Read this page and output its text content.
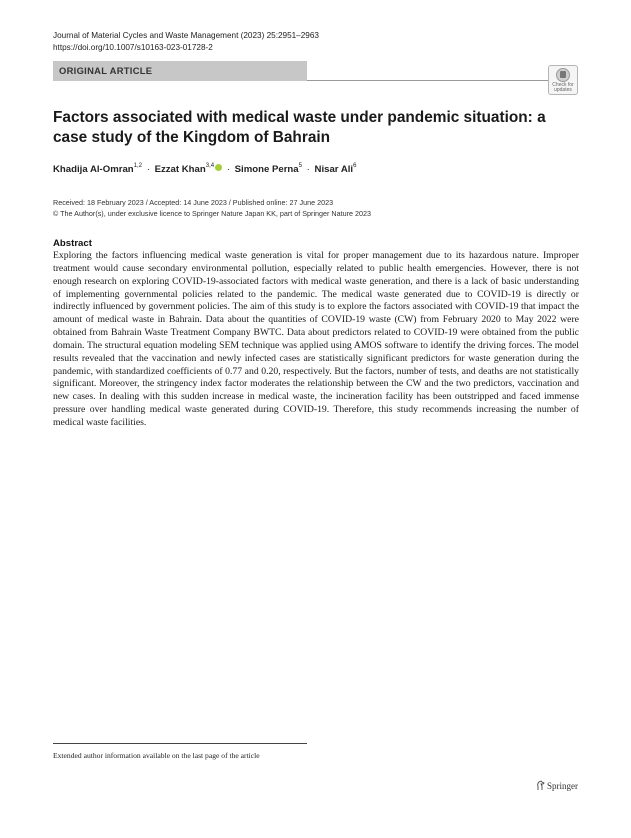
Journal of Material Cycles and Waste Management (2023) 25:2951–2963
https://doi.org/10.1007/s10163-023-01728-2
ORIGINAL ARTICLE
Check for
updates
Factors associated with medical waste under pandemic situation: a case study of the Kingdom of Bahrain
Khadija Al-Omran$^{1,2}$ · Ezzat Khan$^{3,4}$ · Simone Perna$^5$ · Nisar Ali$^6$
Received: 18 February 2023 / Accepted: 14 June 2023 / Published online: 27 June 2023
© The Author(s), under exclusive licence to Springer Nature Japan KK, part of Springer Nature 2023
Abstract
Exploring the factors influencing medical waste generation is vital for proper management due to its hazardous nature. Improper treatment would cause secondary environmental pollution, especially related to public health emergencies. However, there is not enough research on exploring COVID-19-associated factors with medical waste generation, and there is a lack of basic understanding of implementing governmental policies related to the pandemic. The medical waste generated due to COVID-19 is directly or indirectly influenced by government policies. The aim of this study is to explore the factors associated with COVID-19 that impact the amount of medical waste in Bahrain. Data about the quantities of COVID-19 waste (CW) from February 2020 to May 2022 were obtained from Bahrain Waste Treatment Company BWTC. Data about predictors related to COVID-19 were obtained from the public domain. The structural equation modeling SEM technique was applied using AMOS software to identify the driving forces. The model results revealed that the vaccination and newly infected cases are statistically significant predictors for waste generation during the pandemic, with standardized coefficients of 0.77 and 0.20, respectively. But the factors, number of tests, and deaths are not statistically significant. Moreover, the stringency index factor moderates the relationship between the CW and the two predictors, vaccination and new cases. In dealing with this sudden increase in medical waste, the incineration facility has been outstripped and faced immense pressure over handling medical waste generated during COVID-19. Therefore, this study recommends increasing the number of medical waste facilities.
Extended author information available on the last page of the article
Springer
